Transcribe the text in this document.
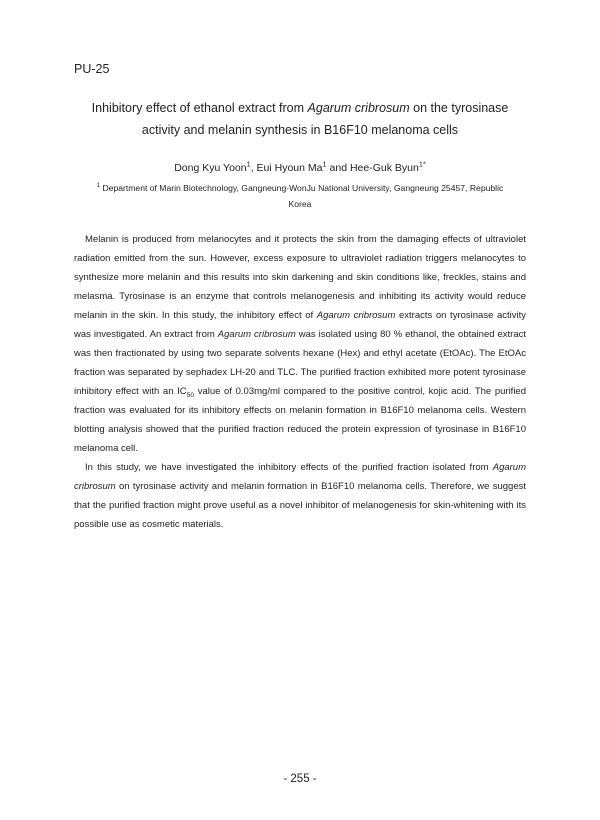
PU-25
Inhibitory effect of ethanol extract from Agarum cribrosum on the tyrosinase
activity and melanin synthesis in B16F10 melanoma cells
Dong Kyu Yoon$^1$, Eui Hyoun Ma$^1$ and Hee-Guk Byun$^{1*}$
$^1$ Department of Marin Biotechnology, Gangneung-WonJu National University, Gangneung 25457, Republic
Korea

Melanin is produced from melanocytes and it protects the skin from the damaging effects of ultraviolet radiation emitted from the sun. However, excess exposure to ultraviolet radiation triggers melanocytes to synthesize more melanin and this results into skin darkening and skin conditions like, freckles, stains and melasma. Tyrosinase is an enzyme that controls melanogenesis and inhibiting its activity would reduce melanin in the skin. In this study, the inhibitory effect of Agarum cribrosum extracts on tyrosinase activity was investigated. An extract from Agarum cribrosum was isolated using 80 % ethanol, the obtained extract was then fractionated by using two separate solvents hexane (Hex) and ethyl acetate (EtOAc). The EtOAc fraction was separated by sephadex LH-20 and TLC. The purified fraction exhibited more potent tyrosinase inhibitory effect with an $IC_{50}$ value of 0.03mg/ml compared to the positive control, kojic acid. The purified fraction was evaluated for its inhibitory effects on melanin formation in B16F10 melanoma cells. Western blotting analysis showed that the purified fraction reduced the protein expression of tyrosinase in B16F10 melanoma cell.

In this study, we have investigated the inhibitory effects of the purified fraction isolated from Agarum cribrosum on tyrosinase activity and melanin formation in B16F10 melanoma cells. Therefore, we suggest that the purified fraction might prove useful as a novel inhibitor of melanogenesis for skin-whitening with its possible use as cosmetic materials.

- 255 -
